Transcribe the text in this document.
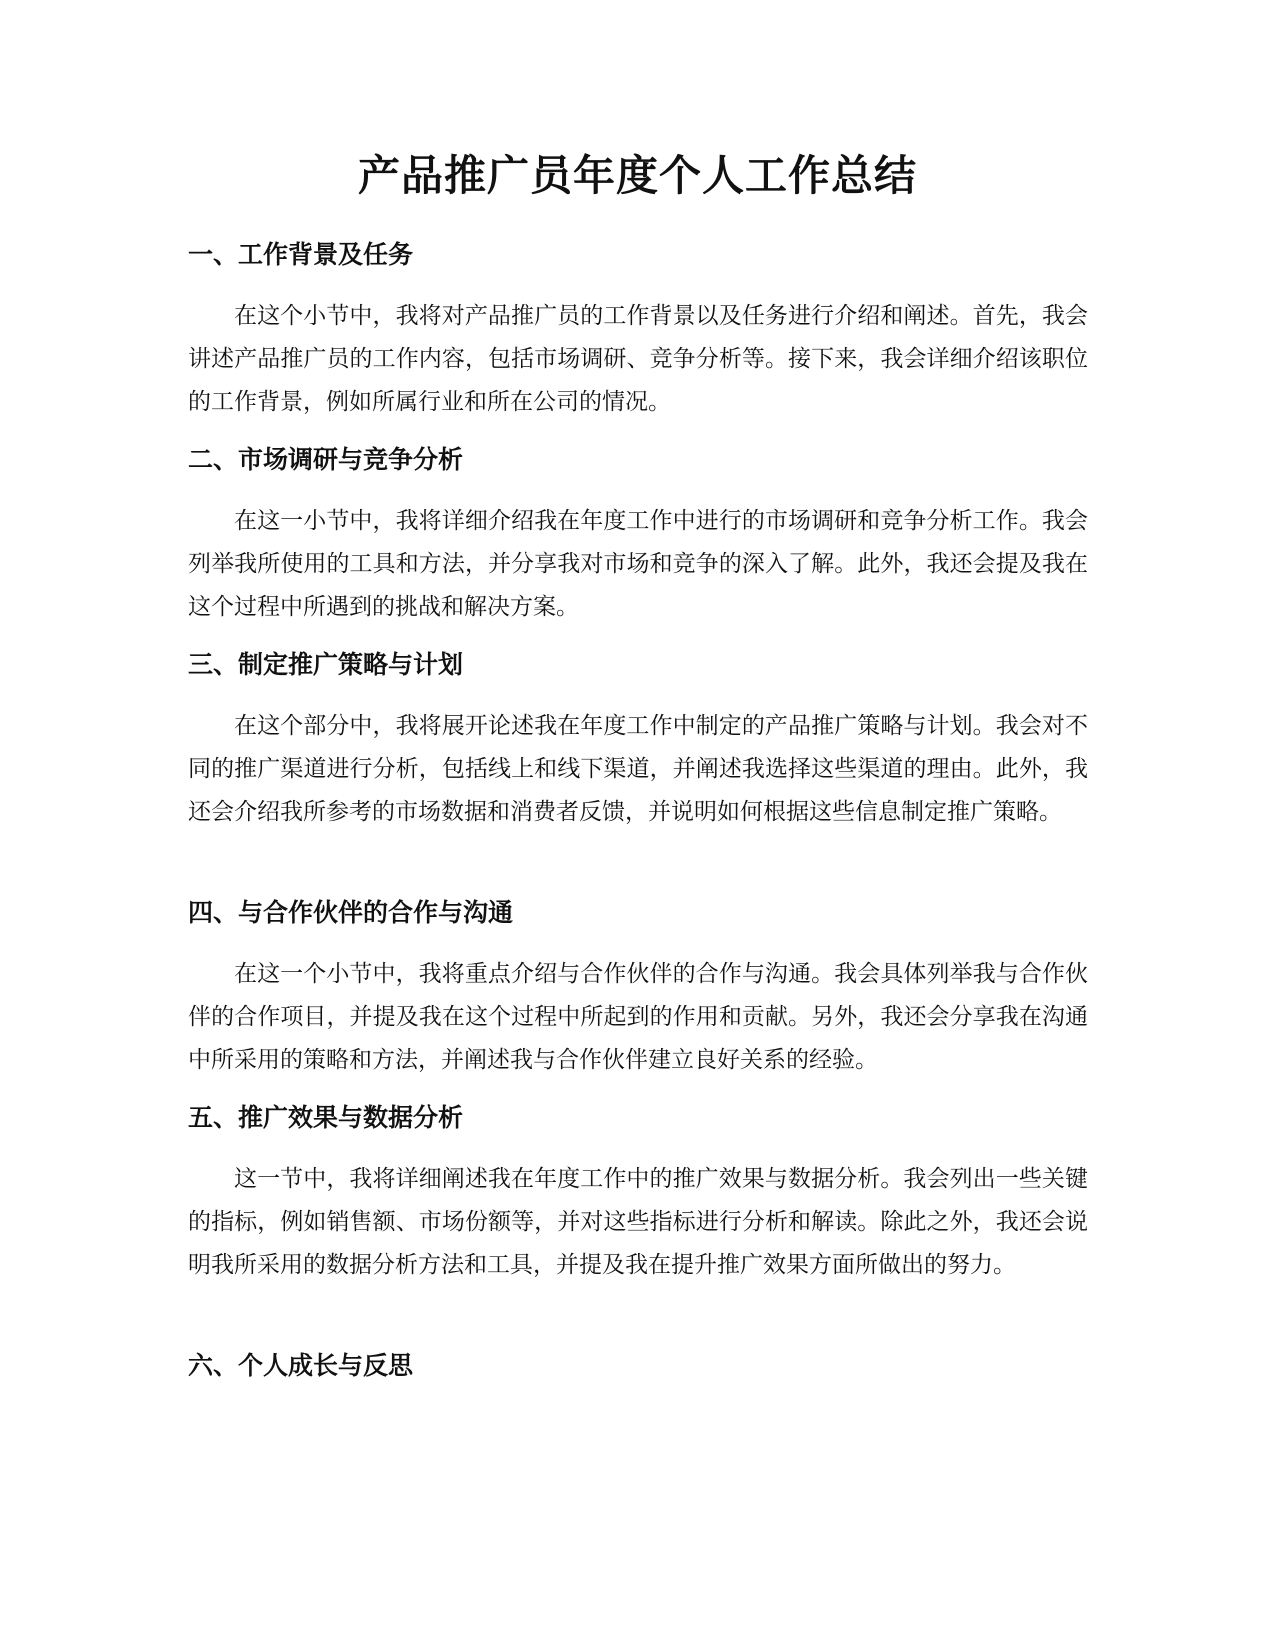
产品推广员年度个人工作总结
一、工作背景及任务

在这个小节中，我将对产品推广员的工作背景以及任务进行介绍和阐述。首先，我会讲述产品推广员的工作内容，包括市场调研、竞争分析等。接下来，我会详细介绍该职位的工作背景，例如所属行业和所在公司的情况。

二、市场调研与竞争分析

在这一小节中，我将详细介绍我在年度工作中进行的市场调研和竞争分析工作。我会列举我所使用的工具和方法，并分享我对市场和竞争的深入了解。此外，我还会提及我在这个过程中所遇到的挑战和解决方案。

三、制定推广策略与计划

在这个部分中，我将展开论述我在年度工作中制定的产品推广策略与计划。我会对不同的推广渠道进行分析，包括线上和线下渠道，并阐述我选择这些渠道的理由。此外，我还会介绍我所参考的市场数据和消费者反馈，并说明如何根据这些信息制定推广策略。

四、与合作伙伴的合作与沟通

在这一个小节中，我将重点介绍与合作伙伴的合作与沟通。我会具体列举我与合作伙伴的合作项目，并提及我在这个过程中所起到的作用和贡献。另外，我还会分享我在沟通中所采用的策略和方法，并阐述我与合作伙伴建立良好关系的经验。

五、推广效果与数据分析

这一节中，我将详细阐述我在年度工作中的推广效果与数据分析。我会列出一些关键的指标，例如销售额、市场份额等，并对这些指标进行分析和解读。除此之外，我还会说明我所采用的数据分析方法和工具，并提及我在提升推广效果方面所做出的努力。

六、个人成长与反思
